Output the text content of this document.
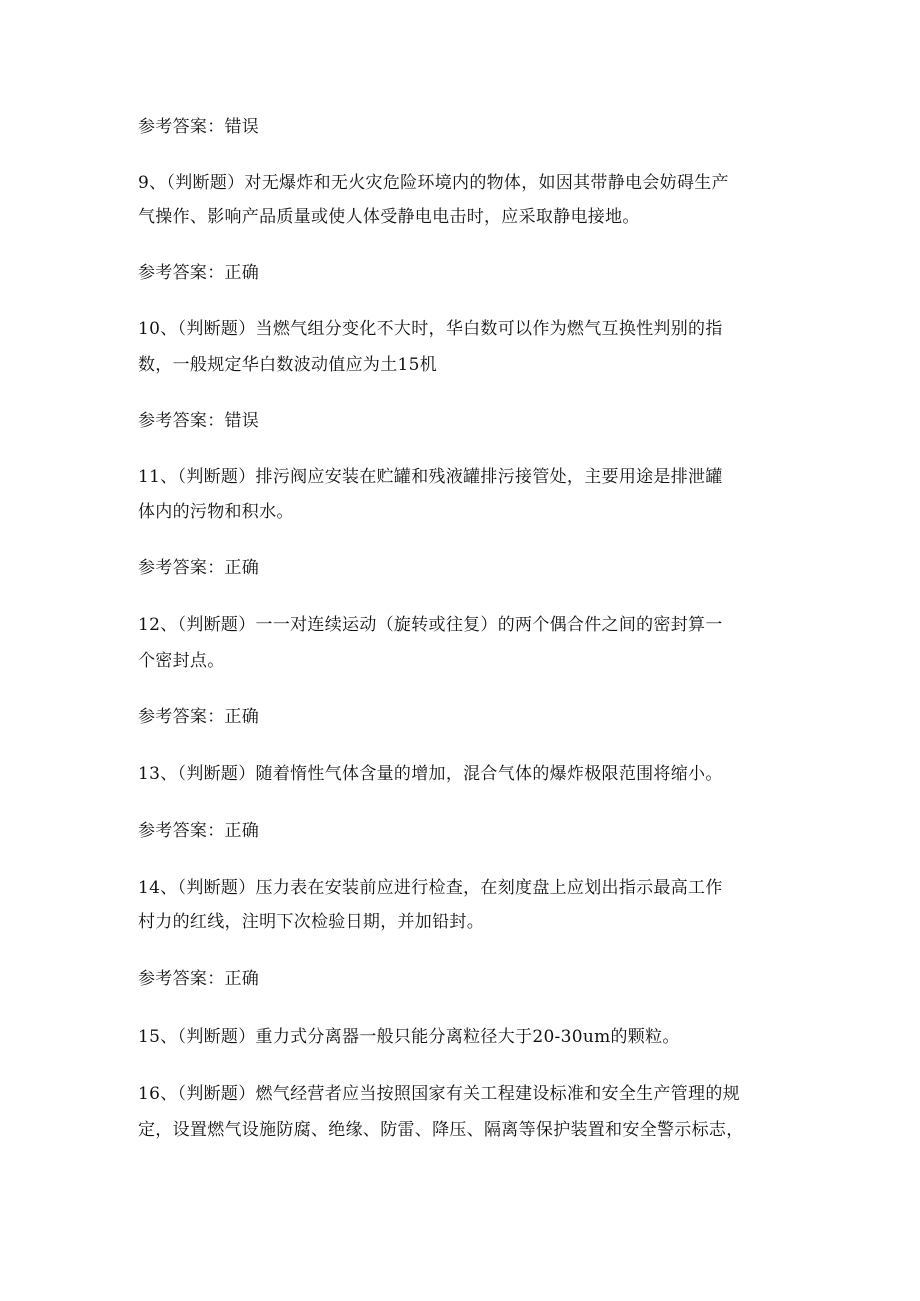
参考答案：错误
9、（判断题）对无爆炸和无火灾危险环境内的物体，如因其带静电会妨碍生产
气操作、影响产品质量或使人体受静电电击时，应采取静电接地。
参考答案：正确
10、（判断题）当燃气组分变化不大时，华白数可以作为燃气互换性判别的指
数，一般规定华白数波动值应为土15机
参考答案：错误
11、（判断题）排污阀应安装在贮罐和残液罐排污接管处，主要用途是排泄罐
体内的污物和积水。
参考答案：正确
12、（判断题）一一对连续运动（旋转或往复）的两个偶合件之间的密封算一
个密封点。
参考答案：正确
13、（判断题）随着惰性气体含量的增加，混合气体的爆炸极限范围将缩小。
参考答案：正确
14、（判断题）压力表在安装前应进行检查，在刻度盘上应划出指示最高工作
村力的红线，注明下次检验日期，并加铅封。
参考答案：正确
15、（判断题）重力式分离器一般只能分离粒径大于20-30um的颗粒。
16、（判断题）燃气经营者应当按照国家有关工程建设标准和安全生产管理的规
定，设置燃气设施防腐、绝缘、防雷、降压、隔离等保护装置和安全警示标志，
